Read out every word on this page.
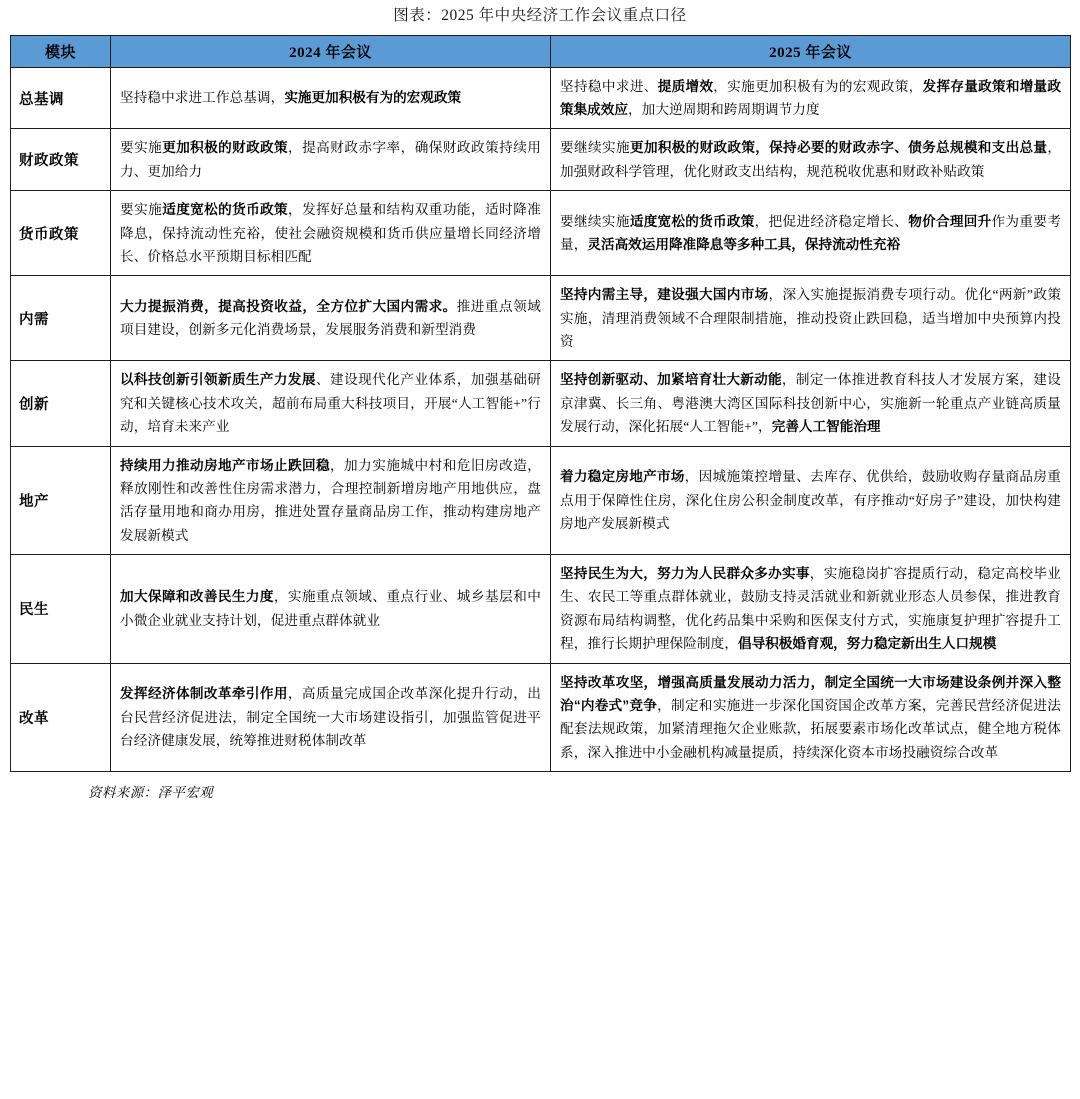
图表：2025 年中央经济工作会议重点口径
模块	2024 年会议	2025 年会议
总基调	坚持稳中求进工作总基调，实施更加积极有为的宏观政策	坚持稳中求进、提质增效，实施更加积极有为的宏观政策，发挥存量政策和增量政策集成效应，加大逆周期和跨周期调节力度
财政政策	要实施更加积极的财政政策，提高财政赤字率，确保财政政策持续用力、更加给力	要继续实施更加积极的财政政策，保持必要的财政赤字、债务总规模和支出总量，加强财政科学管理，优化财政支出结构，规范税收优惠和财政补贴政策
货币政策	要实施适度宽松的货币政策，发挥好总量和结构双重功能，适时降准降息，保持流动性充裕，使社会融资规模和货币供应量增长同经济增长、价格总水平预期目标相匹配	要继续实施适度宽松的货币政策，把促进经济稳定增长、物价合理回升作为重要考量，灵活高效运用降准降息等多种工具，保持流动性充裕
内需	大力提振消费，提高投资收益，全方位扩大国内需求。推进重点领域项目建设，创新多元化消费场景，发展服务消费和新型消费	坚持内需主导，建设强大国内市场，深入实施提振消费专项行动。优化“两新”政策实施，清理消费领域不合理限制措施，推动投资止跌回稳，适当增加中央预算内投资
创新	以科技创新引领新质生产力发展、建设现代化产业体系，加强基础研究和关键核心技术攻关，超前布局重大科技项目，开展“人工智能+”行动，培育未来产业	坚持创新驱动、加紧培育壮大新动能，制定一体推进教育科技人才发展方案，建设京津冀、长三角、粤港澳大湾区国际科技创新中心，实施新一轮重点产业链高质量发展行动，深化拓展“人工智能+”，完善人工智能治理
地产	持续用力推动房地产市场止跌回稳，加力实施城中村和危旧房改造，释放刚性和改善性住房需求潜力，合理控制新增房地产用地供应，盘活存量用地和商办用房，推进处置存量商品房工作，推动构建房地产发展新模式	着力稳定房地产市场，因城施策控增量、去库存、优供给，鼓励收购存量商品房重点用于保障性住房，深化住房公积金制度改革，有序推动“好房子”建设，加快构建房地产发展新模式
民生	加大保障和改善民生力度，实施重点领域、重点行业、城乡基层和中小微企业就业支持计划，促进重点群体就业	坚持民生为大，努力为人民群众多办实事，实施稳岗扩容提质行动，稳定高校毕业生、农民工等重点群体就业，鼓励支持灵活就业和新就业形态人员参保，推进教育资源布局结构调整，优化药品集中采购和医保支付方式，实施康复护理扩容提升工程，推行长期护理保险制度，倡导积极婚育观，努力稳定新出生人口规模
改革	发挥经济体制改革牵引作用，高质量完成国企改革深化提升行动，出台民营经济促进法，制定全国统一大市场建设指引，加强监管促进平台经济健康发展，统筹推进财税体制改革	坚持改革攻坚，增强高质量发展动力活力，制定全国统一大市场建设条例并深入整治“内卷式”竞争，制定和实施进一步深化国资国企改革方案，完善民营经济促进法配套法规政策，加紧清理拖欠企业账款，拓展要素市场化改革试点，健全地方税体系，深入推进中小金融机构减量提质，持续深化资本市场投融资综合改革
资料来源：泽平宏观
